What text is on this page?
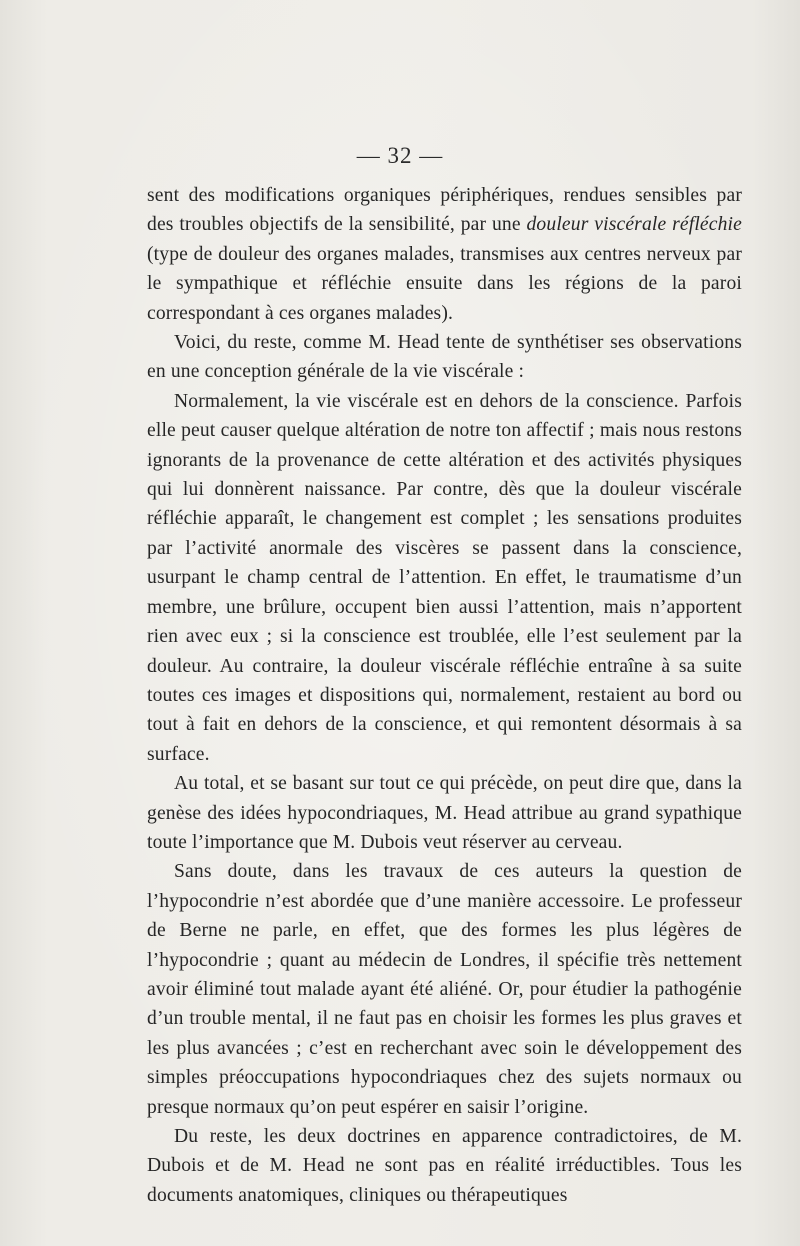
— 32 —

sent des modifications organiques périphériques, rendues sensibles par des troubles objectifs de la sensibilité, par une douleur viscérale réfléchie (type de douleur des organes malades, transmises aux centres nerveux par le sympathique et réfléchie ensuite dans les régions de la paroi correspondant à ces organes malades).

Voici, du reste, comme M. Head tente de synthétiser ses observations en une conception générale de la vie viscérale :

Normalement, la vie viscérale est en dehors de la conscience. Parfois elle peut causer quelque altération de notre ton affectif ; mais nous restons ignorants de la provenance de cette altération et des activités physiques qui lui donnèrent naissance. Par contre, dès que la douleur viscérale réfléchie apparaît, le changement est complet ; les sensations produites par l’activité anormale des viscères se passent dans la conscience, usurpant le champ central de l’attention. En effet, le traumatisme d’un membre, une brûlure, occupent bien aussi l’attention, mais n’apportent rien avec eux ; si la conscience est troublée, elle l’est seulement par la douleur. Au contraire, la douleur viscérale réfléchie entraîne à sa suite toutes ces images et dispositions qui, normalement, restaient au bord ou tout à fait en dehors de la conscience, et qui remontent désormais à sa surface.

Au total, et se basant sur tout ce qui précède, on peut dire que, dans la genèse des idées hypocondriaques, M. Head attribue au grand sypathique toute l’importance que M. Dubois veut réserver au cerveau.

Sans doute, dans les travaux de ces auteurs la question de l’hypocondrie n’est abordée que d’une manière accessoire. Le professeur de Berne ne parle, en effet, que des formes les plus légères de l’hypocondrie ; quant au médecin de Londres, il spécifie très nettement avoir éliminé tout malade ayant été aliéné. Or, pour étudier la pathogénie d’un trouble mental, il ne faut pas en choisir les formes les plus graves et les plus avancées ; c’est en recherchant avec soin le développement des simples préoccupations hypocondriaques chez des sujets normaux ou presque normaux qu’on peut espérer en saisir l’origine.

Du reste, les deux doctrines en apparence contradictoires, de M. Dubois et de M. Head ne sont pas en réalité irréductibles. Tous les documents anatomiques, cliniques ou thérapeutiques
